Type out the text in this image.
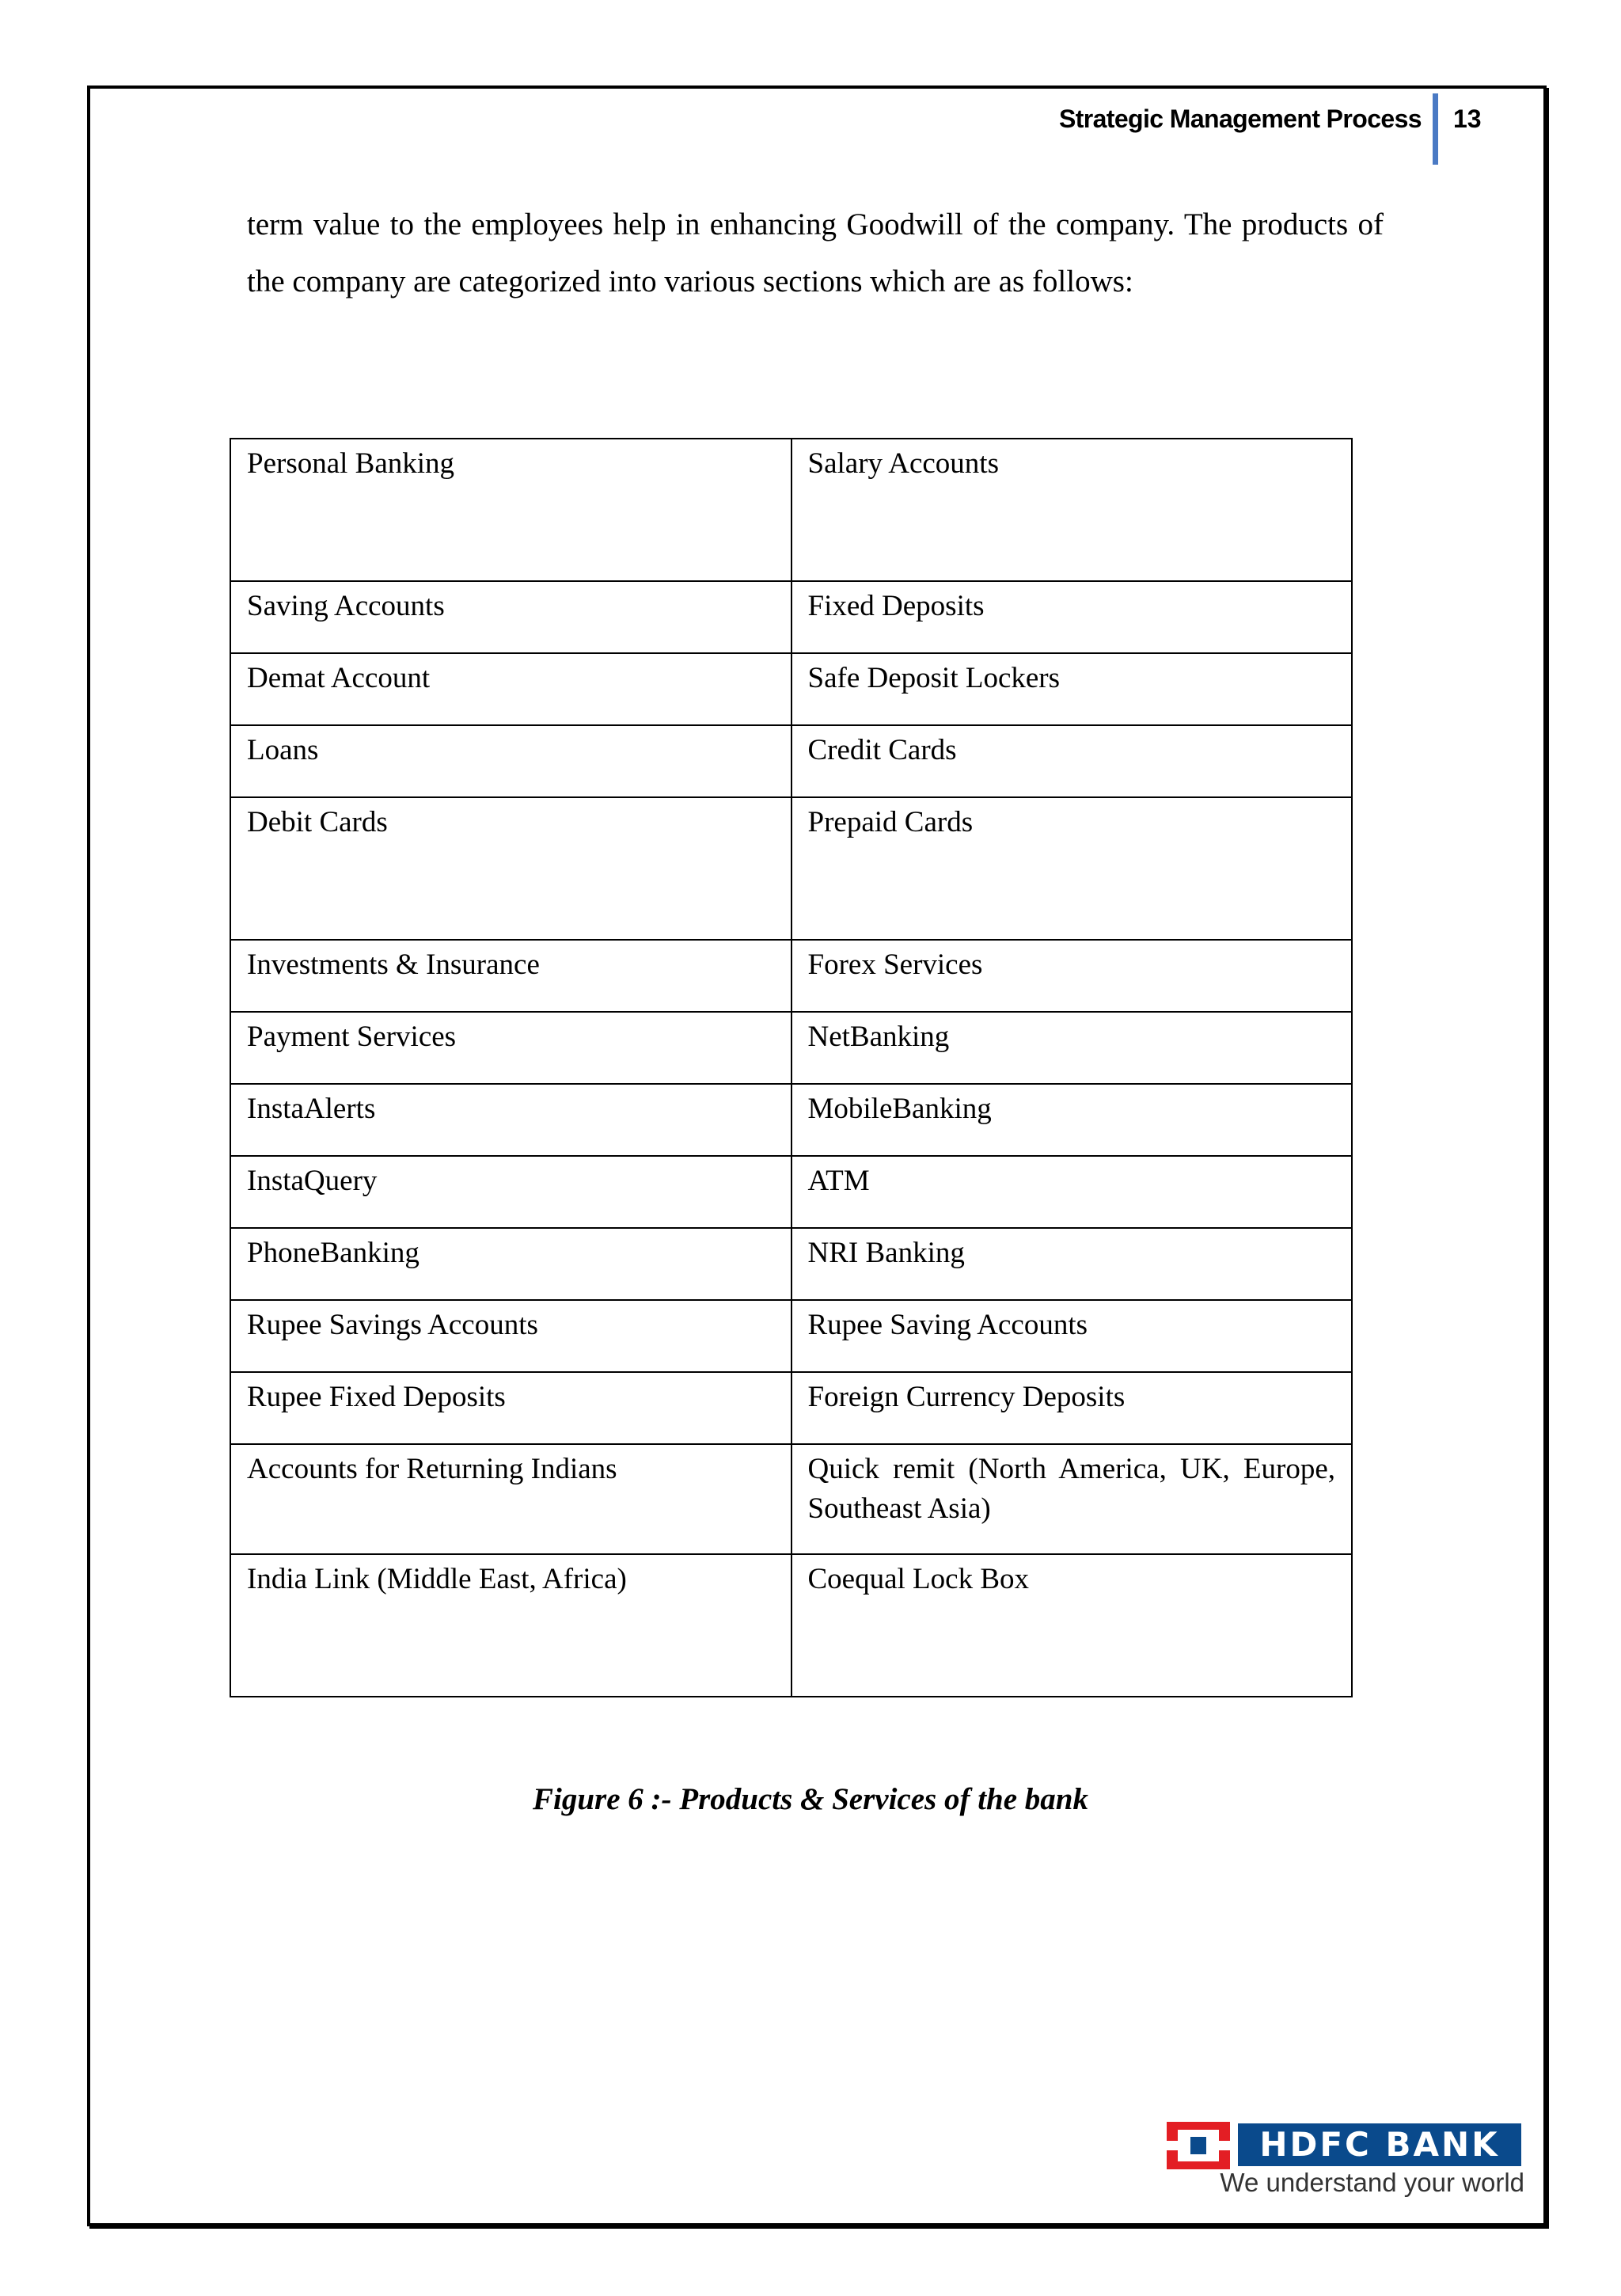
Strategic Management Process 13

term value to the employees help in enhancing Goodwill of the company. The products of the company are categorized into various sections which are as follows:

Personal Banking	Salary Accounts
Saving Accounts	Fixed Deposits
Demat Account	Safe Deposit Lockers
Loans	Credit Cards
Debit Cards	Prepaid Cards
Investments & Insurance	Forex Services
Payment Services	NetBanking
InstaAlerts	MobileBanking
InstaQuery	ATM
PhoneBanking	NRI Banking
Rupee Savings Accounts	Rupee Saving Accounts
Rupee Fixed Deposits	Foreign Currency Deposits
Accounts for Returning Indians	Quick remit (North America, UK, Europe, Southeast Asia)
India Link (Middle East, Africa)	Coequal Lock Box
Figure 6 :- Products & Services of the bank
HDFC BANK
We understand your world
